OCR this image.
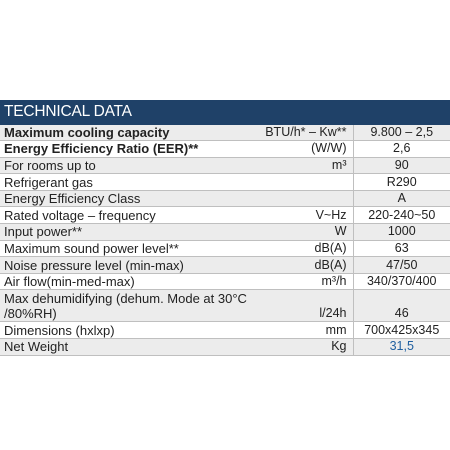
TECHNICAL DATA
Maximum cooling capacity	BTU/h* – Kw**	9.800 – 2,5
Energy Efficiency Ratio (EER)**	(W/W)	2,6
For rooms up to	m³	90
Refrigerant gas		R290
Energy Efficiency Class		A
Rated voltage – frequency	V~Hz	220-240~50
Input power**	W	1000
Maximum sound power level**	dB(A)	63
Noise pressure level (min-max)	dB(A)	47/50
Air flow(min-med-max)	m³/h	340/370/400
Max dehumidifying (dehum. Mode at 30°C /80%RH)	l/24h	46
Dimensions (hxlxp)	mm	700x425x345
Net Weight	Kg	31,5
